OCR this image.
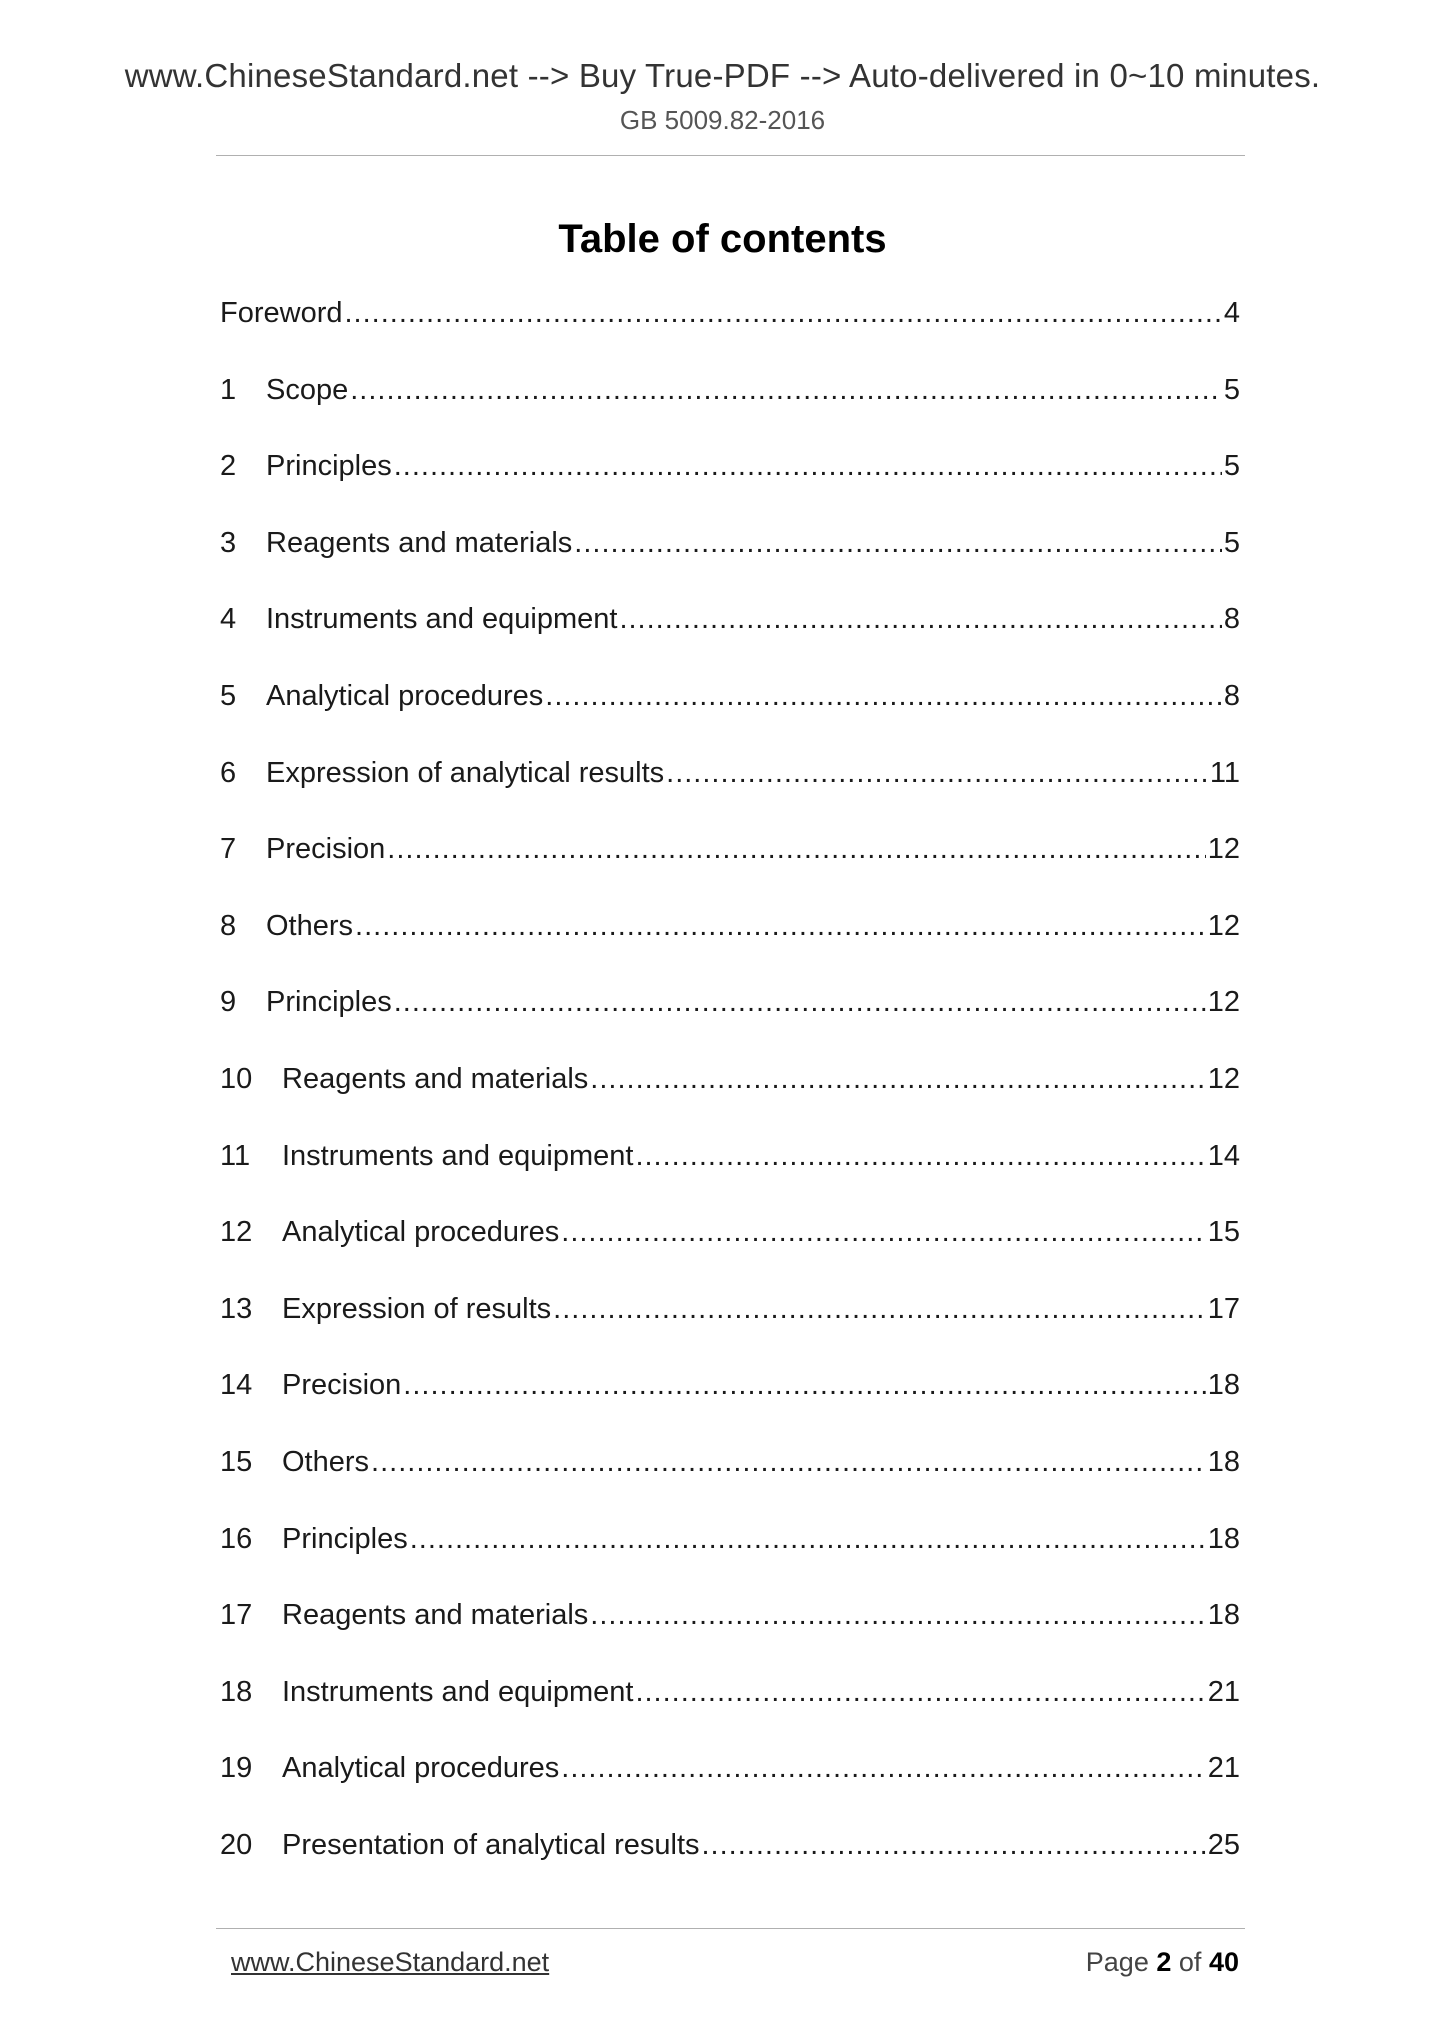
www.ChineseStandard.net --> Buy True-PDF --> Auto-delivered in 0~10 minutes.
GB 5009.82-2016
Table of contents
Foreword .....	4
1	Scope .....	5
2	Principles .....	5
3	Reagents and materials .....	5
4	Instruments and equipment .....	8
5	Analytical procedures .....	8
6	Expression of analytical results .....	11
7	Precision .....	12
8	Others .....	12
9	Principles .....	12
10	Reagents and materials .....	12
11	Instruments and equipment .....	14
12	Analytical procedures .....	15
13	Expression of results .....	17
14	Precision .....	18
15	Others .....	18
16	Principles .....	18
17	Reagents and materials .....	18
18	Instruments and equipment .....	21
19	Analytical procedures .....	21
20	Presentation of analytical results .....	25
www.ChineseStandard.net	Page 2 of 40
